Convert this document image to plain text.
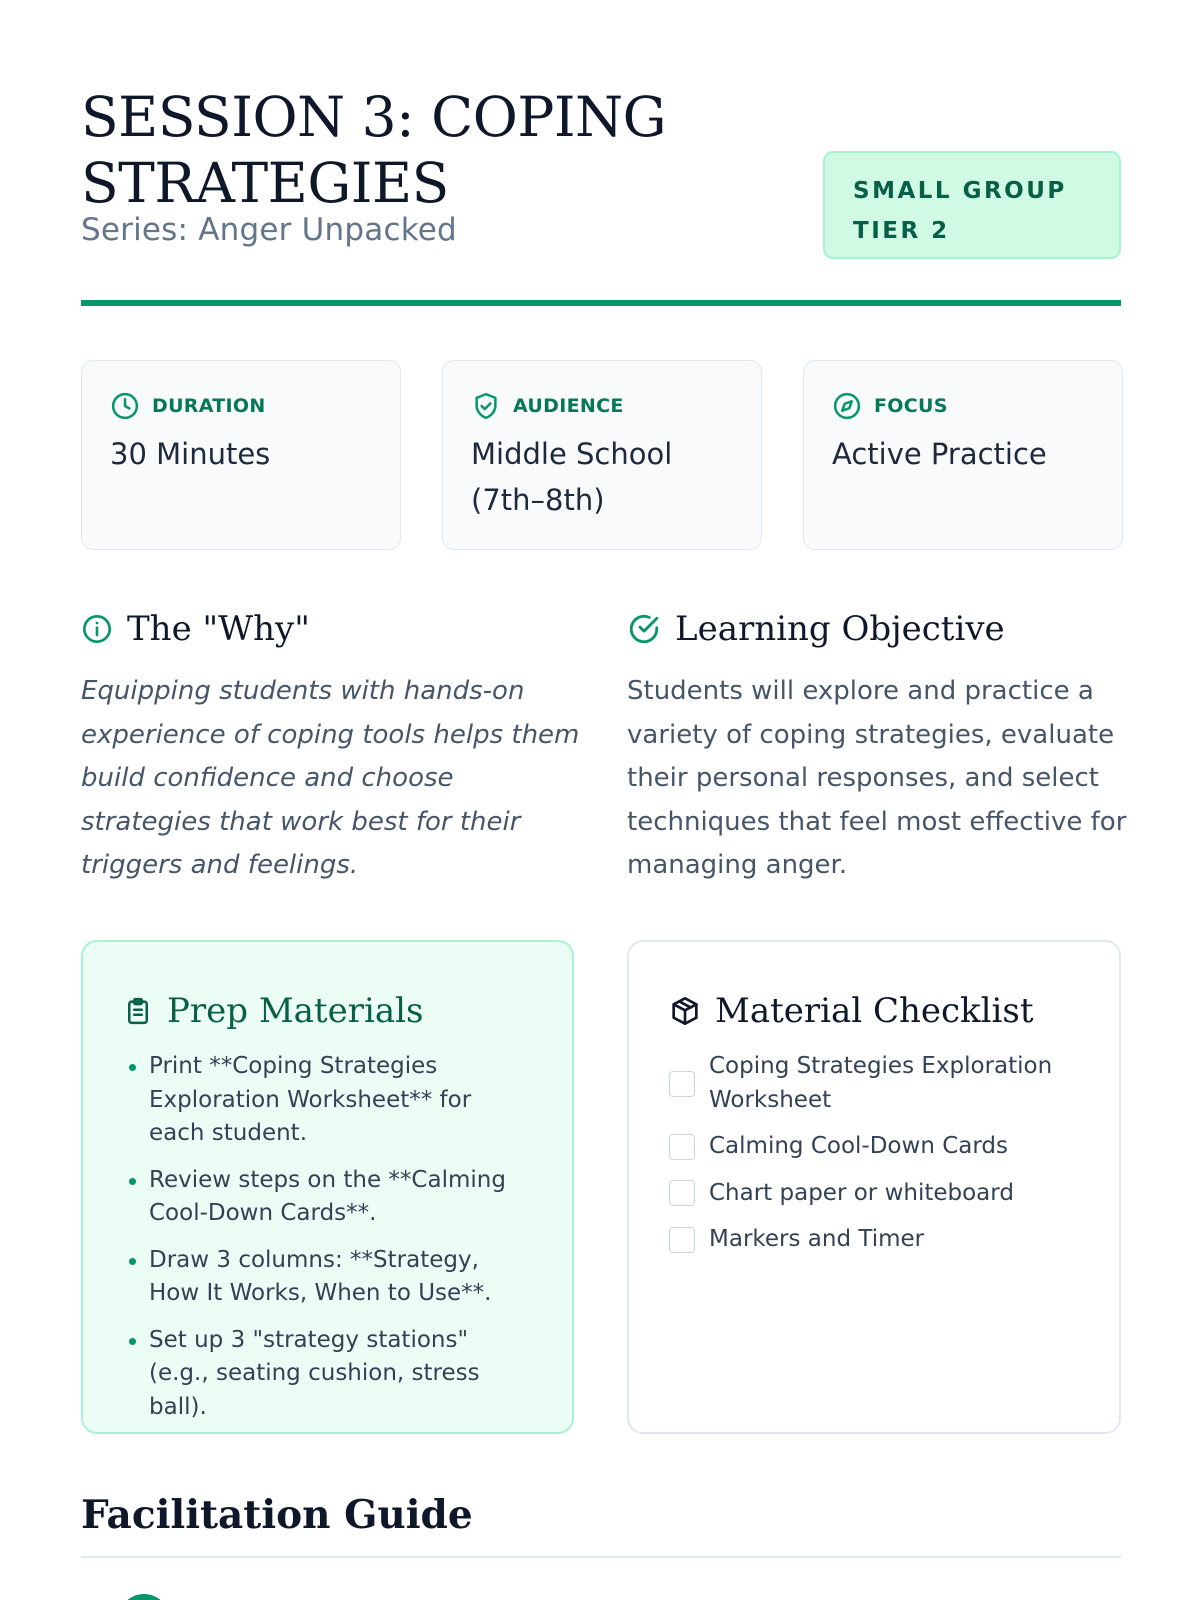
SESSION 3: COPING STRATEGIES
Series: Anger Unpacked
SMALL GROUP
TIER 2
DURATION
30 Minutes
AUDIENCE
Middle School (7th–8th)
FOCUS
Active Practice
The "Why"

Equipping students with hands-on experience of coping tools helps them build confidence and choose strategies that work best for their triggers and feelings.

Learning Objective

Students will explore and practice a variety of coping strategies, evaluate their personal responses, and select techniques that feel most effective for managing anger.

Prep Materials
Print **Coping Strategies Exploration Worksheet** for each student.
Review steps on the **Calming Cool-Down Cards**.
Draw 3 columns: **Strategy, How It Works, When to Use**.
Set up 3 "strategy stations" (e.g., seating cushion, stress ball).
Material Checklist
Coping Strategies Exploration Worksheet
Calming Cool-Down Cards
Chart paper or whiteboard
Markers and Timer
Facilitation Guide
